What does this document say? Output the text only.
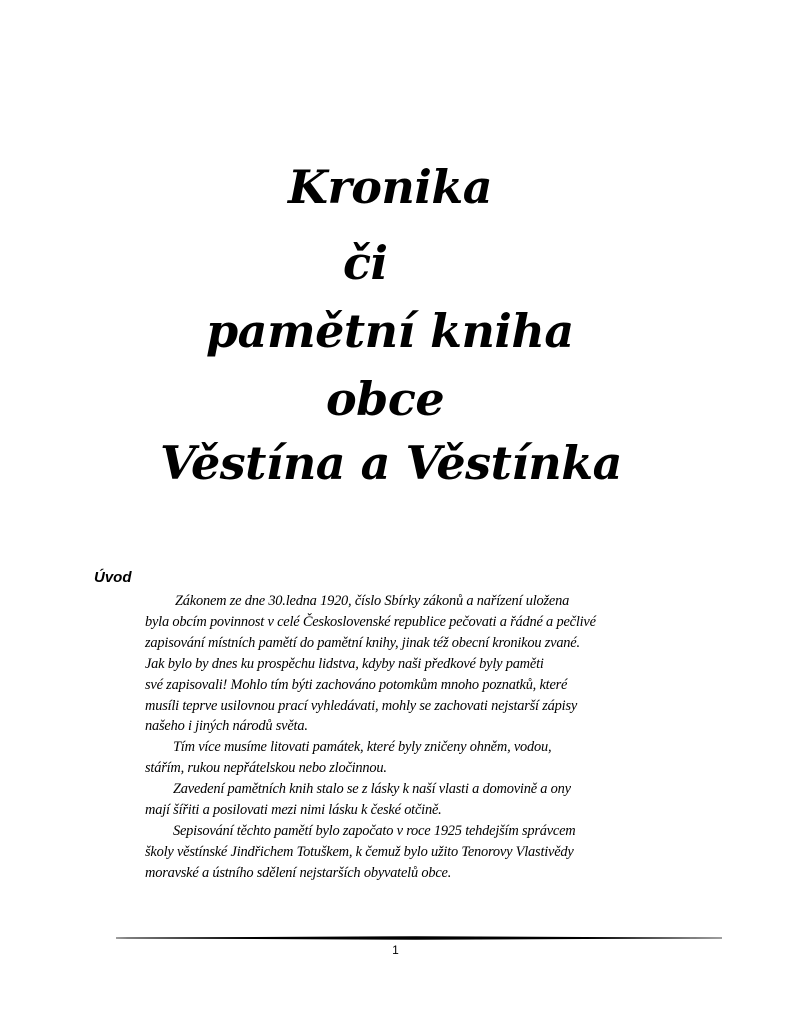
Kronika
či
pamětní kniha
obce
Věstína a Věstínka
Úvod

Zákonem ze dne 30.ledna 1920, číslo Sbírky zákonů a nařízení uložena

byla obcím povinnost v celé Československé republice pečovati a řádné a pečlivé

zapisování místních pamětí do pamětní knihy, jinak též obecní kronikou zvané.

Jak bylo by dnes ku prospěchu lidstva, kdyby naši předkové byly paměti

své zapisovali! Mohlo tím býti zachováno potomkům mnoho poznatků, které

musíli teprve usilovnou prací vyhledávati, mohly se zachovati nejstarší zápisy

našeho i jiných národů světa.

Tím více musíme litovati památek, které byly zničeny ohněm, vodou,

stářím, rukou nepřátelskou nebo zločinnou.

Zavedení pamětních knih stalo se z lásky k naší vlasti a domovině a ony

mají šířiti a posilovati mezi nimi lásku k české otčině.

Sepisování těchto pamětí bylo započato v roce 1925 tehdejším správcem

školy věstínské Jindřichem Totuškem, k čemuž bylo užito Tenorovy Vlastivědy

moravské a ústního sdělení nejstarších obyvatelů obce.

1
